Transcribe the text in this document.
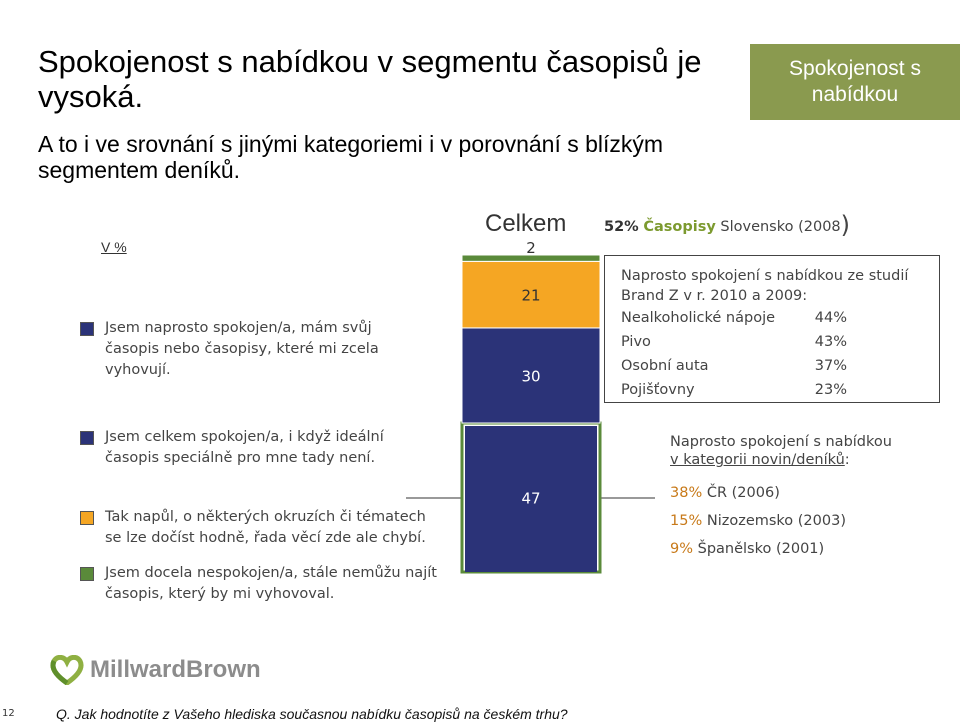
Spokojenost s nabídkou v segmentu časopisů je vysoká.

A to i ve srovnání s jinými kategoriemi i v porovnání s blízkým segmentem deníků.

Spokojenost s nabídkou
V %
Celkem
Jsem naprosto spokojen/a, mám svůj časopis nebo časopisy, které mi zcela vyhovují.
Jsem celkem spokojen/a, i když ideální časopis speciálně pro mne tady není.
Tak napůl, o některých okruzích či tématech se lze dočíst hodně, řada věcí zde ale chybí.
Jsem docela nespokojen/a, stále nemůžu najít časopis, který by mi vyhovoval.
47
30
21
2
52% Časopisy Slovensko (2008)

Naprosto spokojení s nabídkou ze studií Brand Z v r. 2010 a 2009:

Nealkoholické nápoje	44%
Pivo	43%
Osobní auta	37%
Pojišťovny	23%
Naprosto spokojení s nabídkou
v kategorii novin/deníků:
38% ČR (2006)
15% Nizozemsko (2003)
9% Španělsko (2001)
MillwardBrown
12	Q. Jak hodnotíte z Vašeho hlediska současnou nabídku časopisů na českém trhu?
